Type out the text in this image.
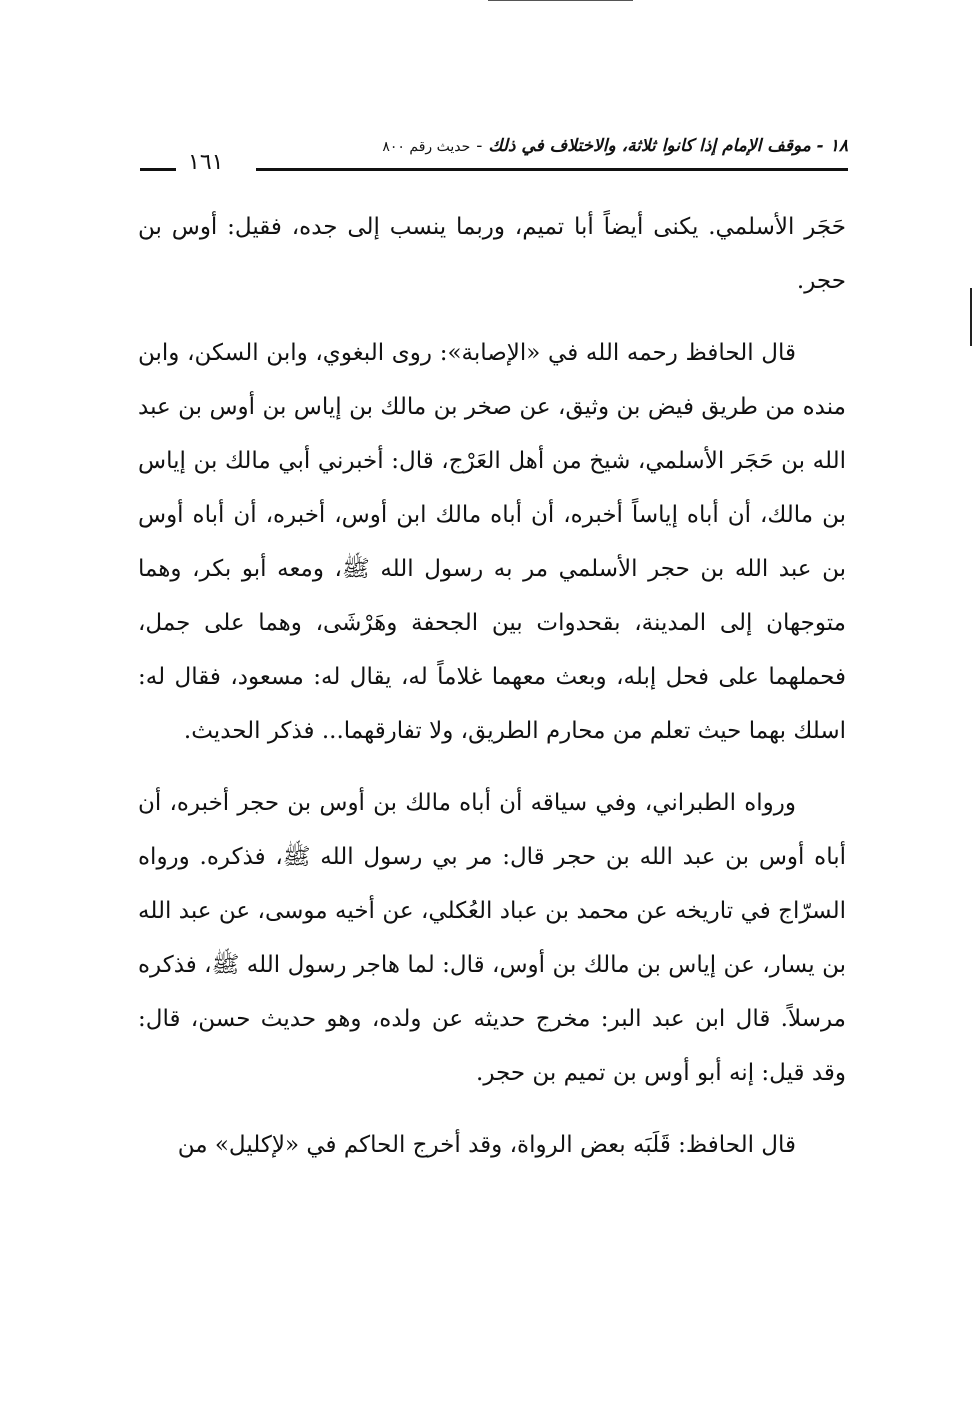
١٨ - موقف الإمام إذا كانوا ثلاثة، والاختلاف في ذلك-حديث رقم ٨٠٠
١٦١

حَجَر الأسلمي. يكنى أيضاً أبا تميم، وربما ينسب إلى جده، فقيل: أوس بن حجر.

قال الحافظ رحمه الله في «الإصابة»: روى البغوي، وابن السكن، وابن منده من طريق فيض بن وثيق، عن صخر بن مالك بن إياس بن أوس بن عبد الله بن حَجَر الأسلمي، شيخ من أهل العَرْج، قال: أخبرني أبي مالك بن إياس بن مالك، أن أباه إياساً أخبره، أن أباه مالك ابن أوس، أخبره، أن أباه أوس بن عبد الله بن حجر الأسلمي مر به رسول الله ﷺ، ومعه أبو بكر، وهما متوجهان إلى المدينة، بقحدوات بين الجحفة وهَرْشَى، وهما على جمل، فحملهما على فحل إبله، وبعث معهما غلاماً له، يقال له: مسعود، فقال له: اسلك بهما حيث تعلم من محارم الطريق، ولا تفارقهما... فذكر الحديث.

ورواه الطبراني، وفي سياقه أن أباه مالك بن أوس بن حجر أخبره، أن أباه أوس بن عبد الله بن حجر قال: مر بي رسول الله ﷺ، فذكره. ورواه السرّاج في تاريخه عن محمد بن عباد العُكلي، عن أخيه موسى، عن عبد الله بن يسار، عن إياس بن مالك بن أوس، قال: لما هاجر رسول الله ﷺ، فذكره مرسلاً. قال ابن عبد البر: مخرج حديثه عن ولده، وهو حديث حسن، قال: وقد قيل: إنه أبو أوس بن تميم بن حجر.

قال الحافظ: قَلَبَه بعض الرواة، وقد أخرج الحاكم في «لإكليل» من
